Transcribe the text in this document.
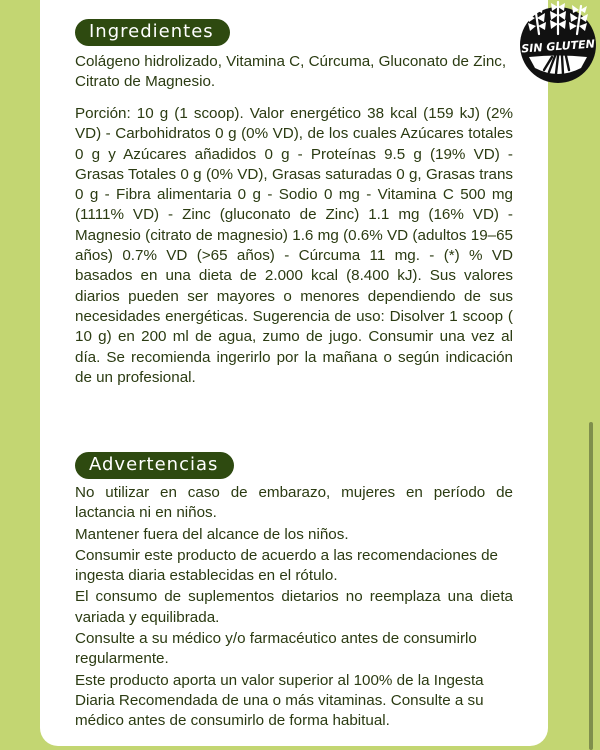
Ingredientes
Colágeno hidrolizado, Vitamina C, Cúrcuma, Gluconato de Zinc, Citrato de Magnesio.
Porción: 10 g (1 scoop). Valor energético 38 kcal (159 kJ) (2% VD) - Carbohidratos 0 g (0% VD), de los cuales Azúcares totales 0 g y Azúcares añadidos 0 g - Proteínas 9.5 g (19% VD) - Grasas Totales 0 g (0% VD), Grasas saturadas 0 g, Grasas trans 0 g - Fibra alimentaria 0 g - Sodio 0 mg - Vitamina C 500 mg (1111% VD) - Zinc (gluconato de Zinc) 1.1 mg (16% VD) - Magnesio (citrato de magnesio) 1.6 mg (0.6% VD (adultos 19–65 años) 0.7% VD (>65 años) - Cúrcuma 11 mg. - (*) % VD basados en una dieta de 2.000 kcal (8.400 kJ). Sus valores diarios pueden ser mayores o menores dependiendo de sus necesidades energéticas. Sugerencia de uso: Disolver 1 scoop ( 10 g) en 200 ml de agua, zumo de jugo. Consumir una vez al día. Se recomienda ingerirlo por la mañana o según indicación de un profesional.
Advertencias

No utilizar en caso de embarazo, mujeres en período de lactancia ni en niños.

Mantener fuera del alcance de los niños.

Consumir este producto de acuerdo a las recomendaciones de ingesta diaria establecidas en el rótulo.

El consumo de suplementos dietarios no reemplaza una dieta variada y equilibrada.

Consulte a su médico y/o farmacéutico antes de consumirlo regularmente.

Este producto aporta un valor superior al 100% de la Ingesta Diaria Recomendada de una o más vitaminas. Consulte a su médico antes de consumirlo de forma habitual.

SIN GLUTEN
